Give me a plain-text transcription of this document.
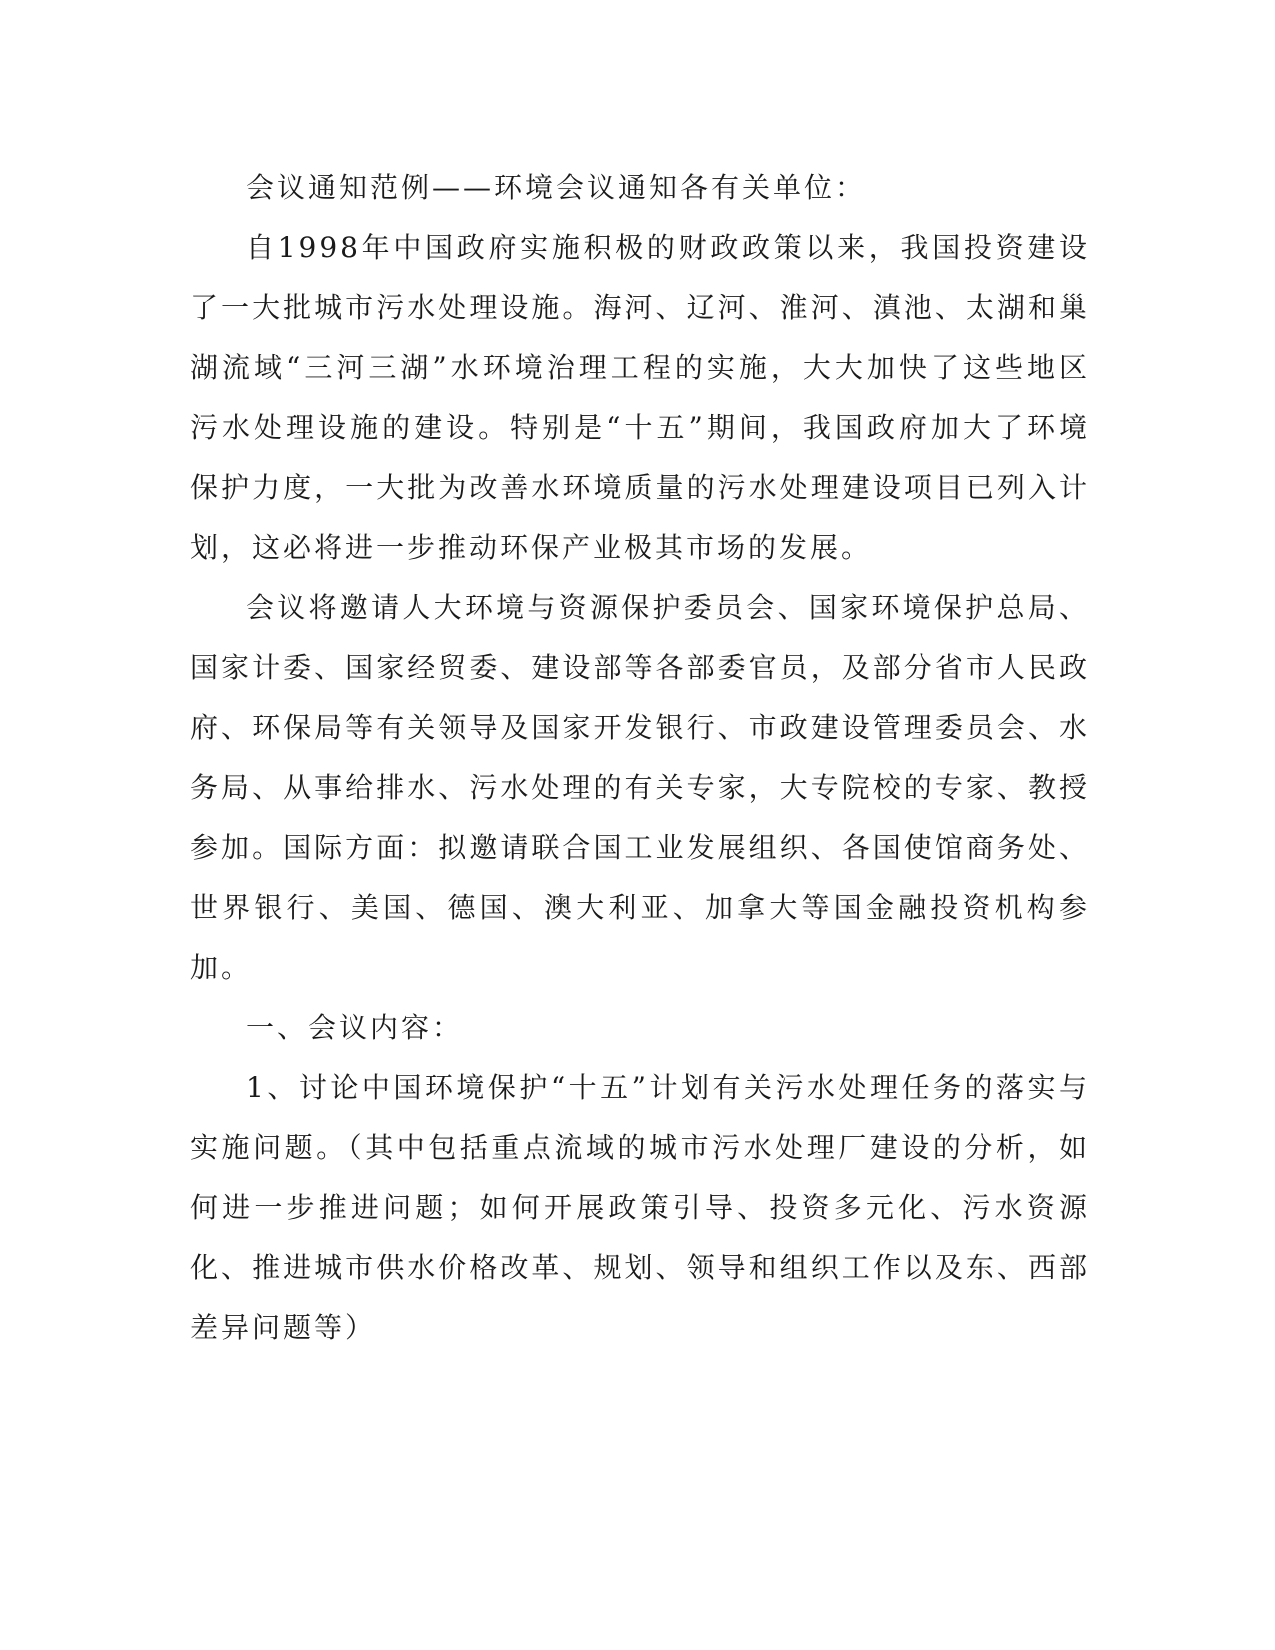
会议通知范例——环境会议通知各有关单位：

自1998年中国政府实施积极的财政政策以来，我国投资建设了一大批城市污水处理设施。海河、辽河、淮河、滇池、太湖和巢湖流域“三河三湖”水环境治理工程的实施，大大加快了这些地区污水处理设施的建设。特别是“十五”期间，我国政府加大了环境保护力度，一大批为改善水环境质量的污水处理建设项目已列入计划，这必将进一步推动环保产业极其市场的发展。

会议将邀请人大环境与资源保护委员会、国家环境保护总局、国家计委、国家经贸委、建设部等各部委官员，及部分省市人民政府、环保局等有关领导及国家开发银行、市政建设管理委员会、水务局、从事给排水、污水处理的有关专家，大专院校的专家、教授参加。国际方面：拟邀请联合国工业发展组织、各国使馆商务处、世界银行、美国、德国、澳大利亚、加拿大等国金融投资机构参加。

一、会议内容：

1、讨论中国环境保护“十五”计划有关污水处理任务的落实与实施问题。（其中包括重点流域的城市污水处理厂建设的分析，如何进一步推进问题；如何开展政策引导、投资多元化、污水资源化、推进城市供水价格改革、规划、领导和组织工作以及东、西部差异问题等）
